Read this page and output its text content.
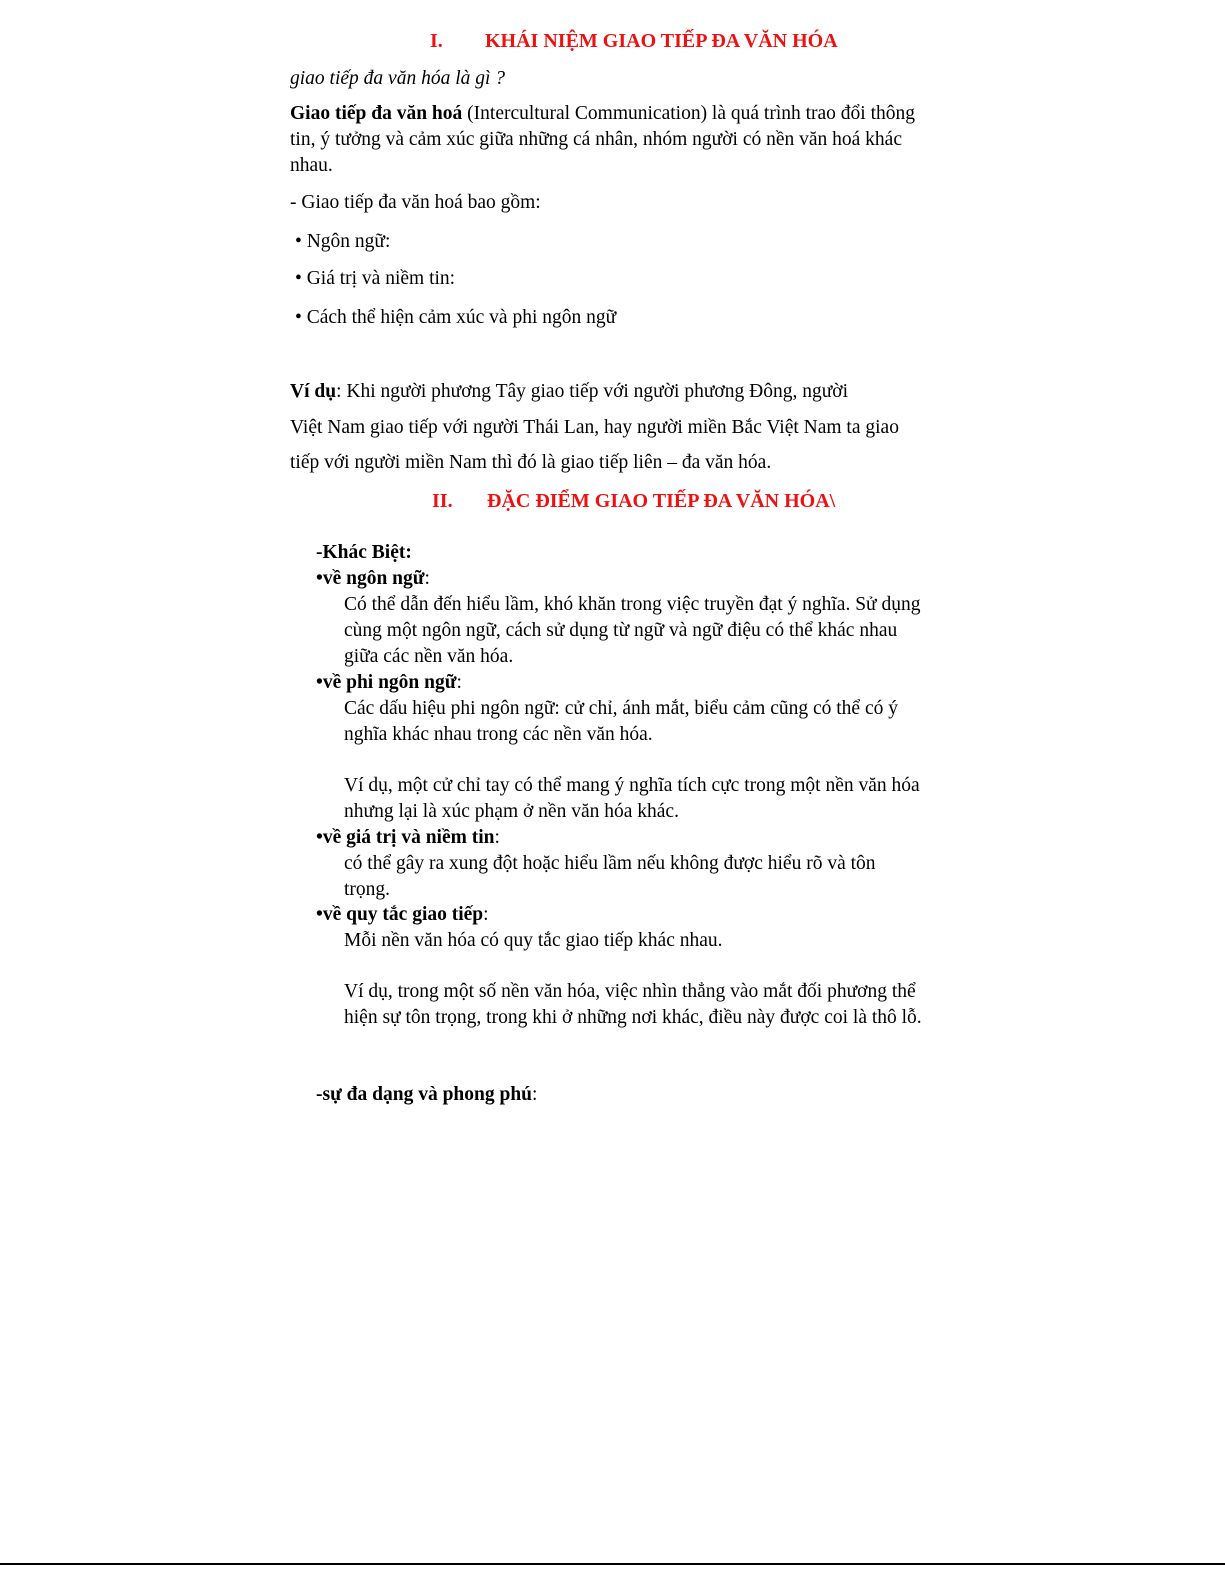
I. KHÁI NIỆM GIAO TIẾP ĐA VĂN HÓA
giao tiếp đa văn hóa là gì ?
Giao tiếp đa văn hoá (Intercultural Communication) là quá trình trao đổi thông
tin, ý tưởng và cảm xúc giữa những cá nhân, nhóm người có nền văn hoá khác
nhau.
- Giao tiếp đa văn hoá bao gồm:
• Ngôn ngữ:
• Giá trị và niềm tin:
• Cách thể hiện cảm xúc và phi ngôn ngữ
Ví dụ: Khi người phương Tây giao tiếp với người phương Đông, người
Việt Nam giao tiếp với người Thái Lan, hay người miền Bắc Việt Nam ta giao
tiếp với người miền Nam thì đó là giao tiếp liên – đa văn hóa.
II. ĐẶC ĐIỂM GIAO TIẾP ĐA VĂN HÓA\
-Khác Biệt:
•về ngôn ngữ:
Có thể dẫn đến hiểu lầm, khó khăn trong việc truyền đạt ý nghĩa. Sử dụng
cùng một ngôn ngữ, cách sử dụng từ ngữ và ngữ điệu có thể khác nhau
giữa các nền văn hóa.
•về phi ngôn ngữ:
Các dấu hiệu phi ngôn ngữ: cử chỉ, ánh mắt, biểu cảm cũng có thể có ý
nghĩa khác nhau trong các nền văn hóa.
Ví dụ, một cử chỉ tay có thể mang ý nghĩa tích cực trong một nền văn hóa
nhưng lại là xúc phạm ở nền văn hóa khác.
•về giá trị và niềm tin:
có thể gây ra xung đột hoặc hiểu lầm nếu không được hiểu rõ và tôn
trọng.
•về quy tắc giao tiếp:
Mỗi nền văn hóa có quy tắc giao tiếp khác nhau.
Ví dụ, trong một số nền văn hóa, việc nhìn thẳng vào mắt đối phương thể
hiện sự tôn trọng, trong khi ở những nơi khác, điều này được coi là thô lỗ.
-sự đa dạng và phong phú:
